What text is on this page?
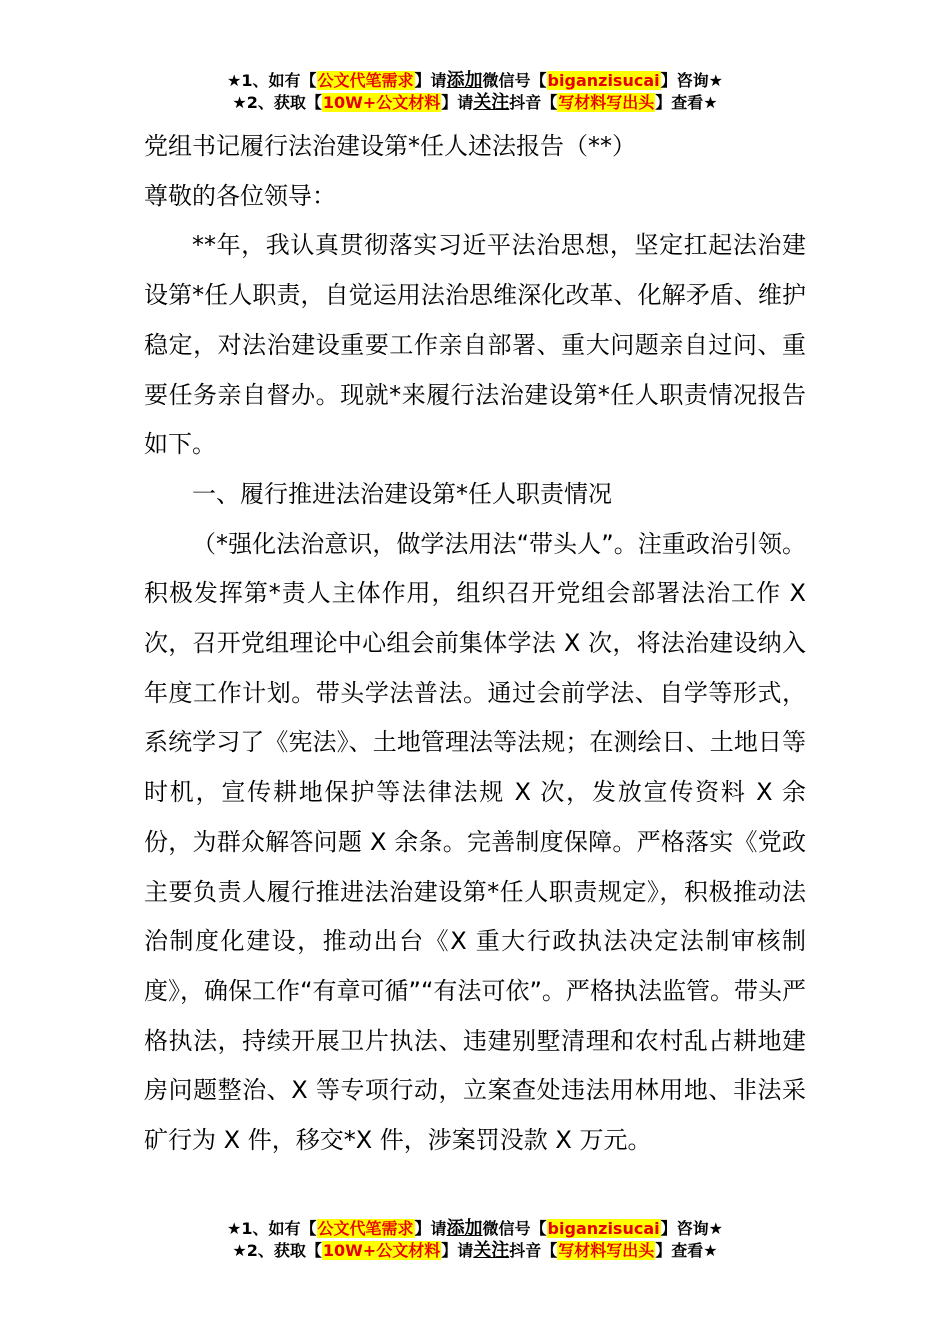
★1、如有【公文代笔需求】请添加微信号【biganzisucai】咨询★
★2、获取【10W+公文材料】请关注抖音【写材料写出头】查看★

党组书记履行法治建设第*任人述法报告（**）

尊敬的各位领导：

**年，我认真贯彻落实习近平法治思想，坚定扛起法治建设第*任人职责，自觉运用法治思维深化改革、化解矛盾、维护稳定，对法治建设重要工作亲自部署、重大问题亲自过问、重要任务亲自督办。现就*来履行法治建设第*任人职责情况报告如下。

一、履行推进法治建设第*任人职责情况

（*强化法治意识，做学法用法“带头人”。注重政治引领。积极发挥第*责人主体作用，组织召开党组会部署法治工作 X 次，召开党组理论中心组会前集体学法 X 次，将法治建设纳入年度工作计划。带头学法普法。通过会前学法、自学等形式，系统学习了《宪法》、土地管理法等法规；在测绘日、土地日等时机，宣传耕地保护等法律法规 X 次，发放宣传资料 X 余份，为群众解答问题 X 余条。完善制度保障。严格落实《党政主要负责人履行推进法治建设第*任人职责规定》，积极推动法治制度化建设，推动出台《X 重大行政执法决定法制审核制度》，确保工作“有章可循”“有法可依”。严格执法监管。带头严格执法，持续开展卫片执法、违建别墅清理和农村乱占耕地建房问题整治、X 等专项行动，立案查处违法用林用地、非法采矿行为 X 件，移交*X 件，涉案罚没款 X 万元。

★1、如有【公文代笔需求】请添加微信号【biganzisucai】咨询★
★2、获取【10W+公文材料】请关注抖音【写材料写出头】查看★
